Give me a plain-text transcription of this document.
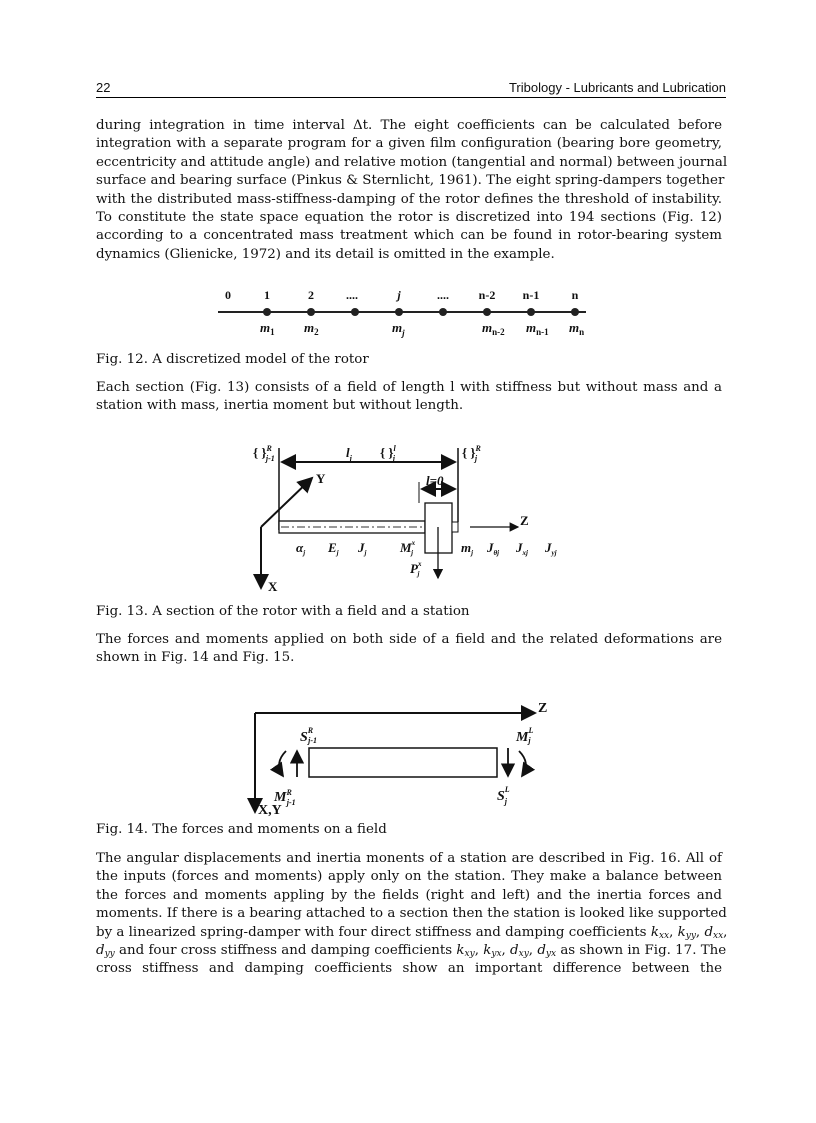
22	Tribology - Lubricants and Lubrication
during integration in time interval Δt. The eight coefficients can be calculated before
integration with a separate program for a given film configuration (bearing bore geometry,
eccentricity and attitude angle) and relative motion (tangential and normal) between journal
surface and bearing surface (Pinkus & Sternlicht, 1961). The eight spring-dampers together
with the distributed mass-stiffness-damping of the rotor defines the threshold of instability.
To constitute the state space equation the rotor is discretized into 194 sections (Fig. 12)
according to a concentrated mass treatment which can be found in rotor-bearing system
dynamics (Glienicke, 1972) and its detail is omitted in the example.
0	1	2	....	j	.... n-2 n-1	n
$m_1$ $m_2$	$m_j$	$m_{n-2}$ $m_{n-1}$ $m_n$
{ }$^R$ j-1	$l_j$ { }$^l$ j	{ }$^R$ j
Y
X
Z
l=0
$\alpha_j$ $E_j$ $J_j$	$M^x$ j	$m_j$ $J_{\theta j}$ $J_{xj}$ $J_{yj}$
$P^x$ j
Z
X,Y
$S^R$ j-1	$M^L$ j
$M^R$ j-1	$S^L$ j
Fig. 12. A discretized model of the rotor
Each section (Fig. 13) consists of a field of length l with stiffness but without mass and a
station with mass, inertia moment but without length.
Fig. 13. A section of the rotor with a field and a station
The forces and moments applied on both side of a field and the related deformations are
shown in Fig. 14 and Fig. 15.
Fig. 14. The forces and moments on a field
The angular displacements and inertia monents of a station are described in Fig. 16. All of
the inputs (forces and moments) apply only on the station. They make a balance between
the forces and moments appling by the fields (right and left) and the inertia forces and
moments. If there is a bearing attached to a section then the station is looked like supported
by a linearized spring-damper with four direct stiffness and damping coefficients $k_{xx}$, $k_{yy}$, $d_{xx}$,
$d_{yy}$ and four cross stiffness and damping coefficients $k_{xy}$, $k_{yx}$, $d_{xy}$, $d_{yx}$ as shown in Fig. 17. The
cross stiffness and damping coefficients show an important difference between the
